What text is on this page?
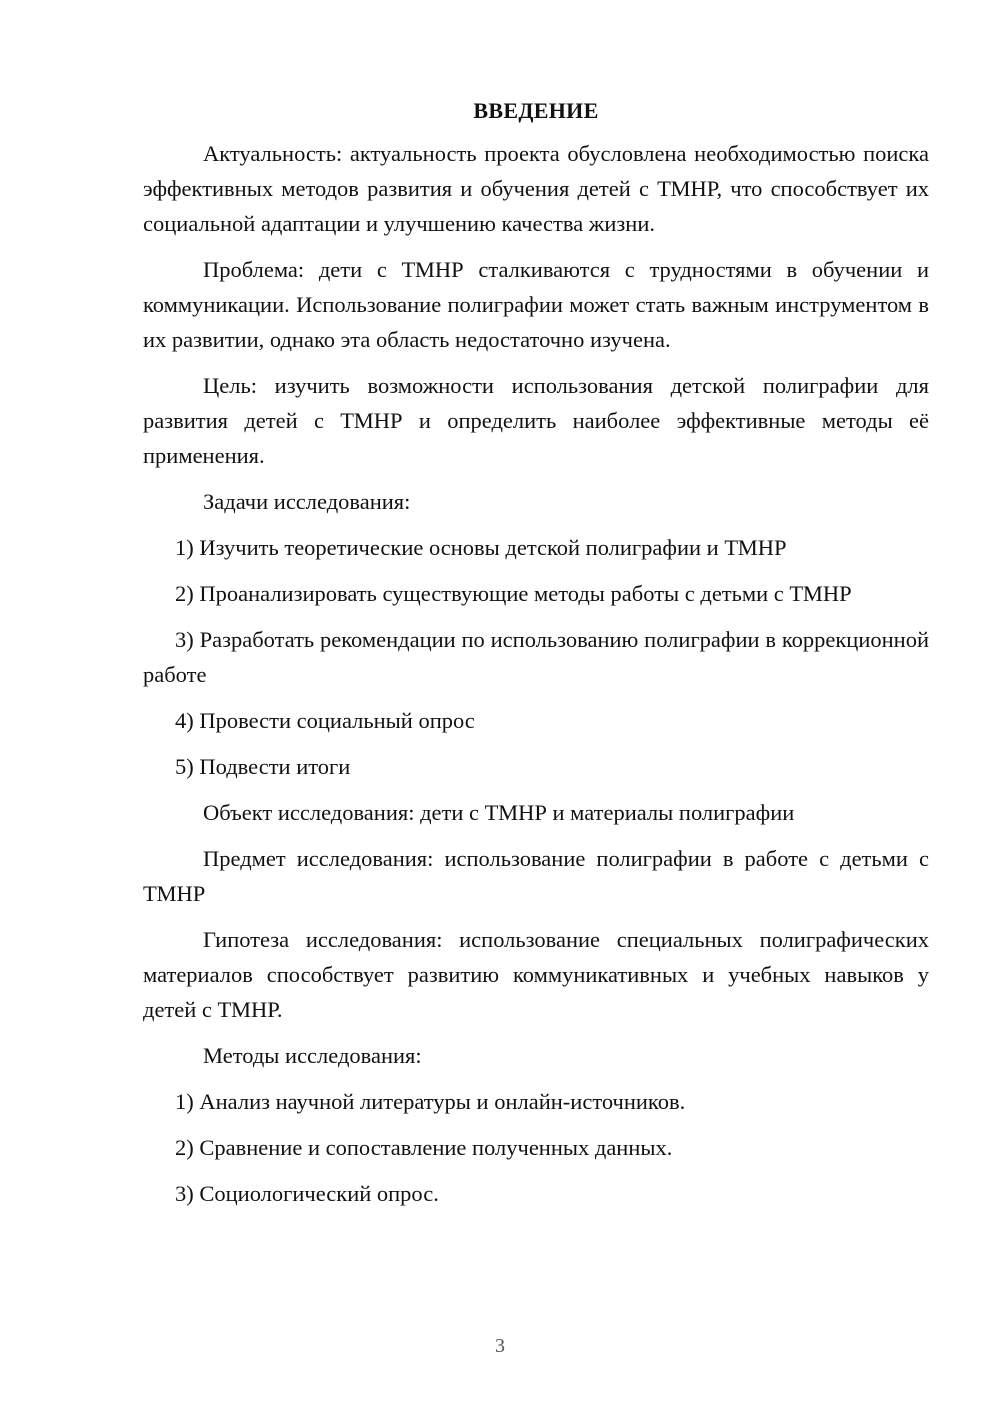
ВВЕДЕНИЕ

Актуальность: актуальность проекта обусловлена необходимостью поиска эффективных методов развития и обучения детей с ТМНР, что способствует их социальной адаптации и улучшению качества жизни.

Проблема: дети с ТМНР сталкиваются с трудностями в обучении и коммуникации. Использование полиграфии может стать важным инструментом в их развитии, однако эта область недостаточно изучена.

Цель: изучить возможности использования детской полиграфии для развития детей с ТМНР и определить наиболее эффективные методы её применения.

Задачи исследования:

1) Изучить теоретические основы детской полиграфии и ТМНР

2) Проанализировать существующие методы работы с детьми с ТМНР

3) Разработать рекомендации по использованию полиграфии в коррекционной работе

4) Провести социальный опрос

5) Подвести итоги

Объект исследования: дети с ТМНР и материалы полиграфии

Предмет исследования: использование полиграфии в работе с детьми с ТМНР

Гипотеза исследования: использование специальных полиграфических материалов способствует развитию коммуникативных и учебных навыков у детей с ТМНР.

Методы исследования:

1) Анализ научной литературы и онлайн-источников.

2) Сравнение и сопоставление полученных данных.

3) Социологический опрос.

3
